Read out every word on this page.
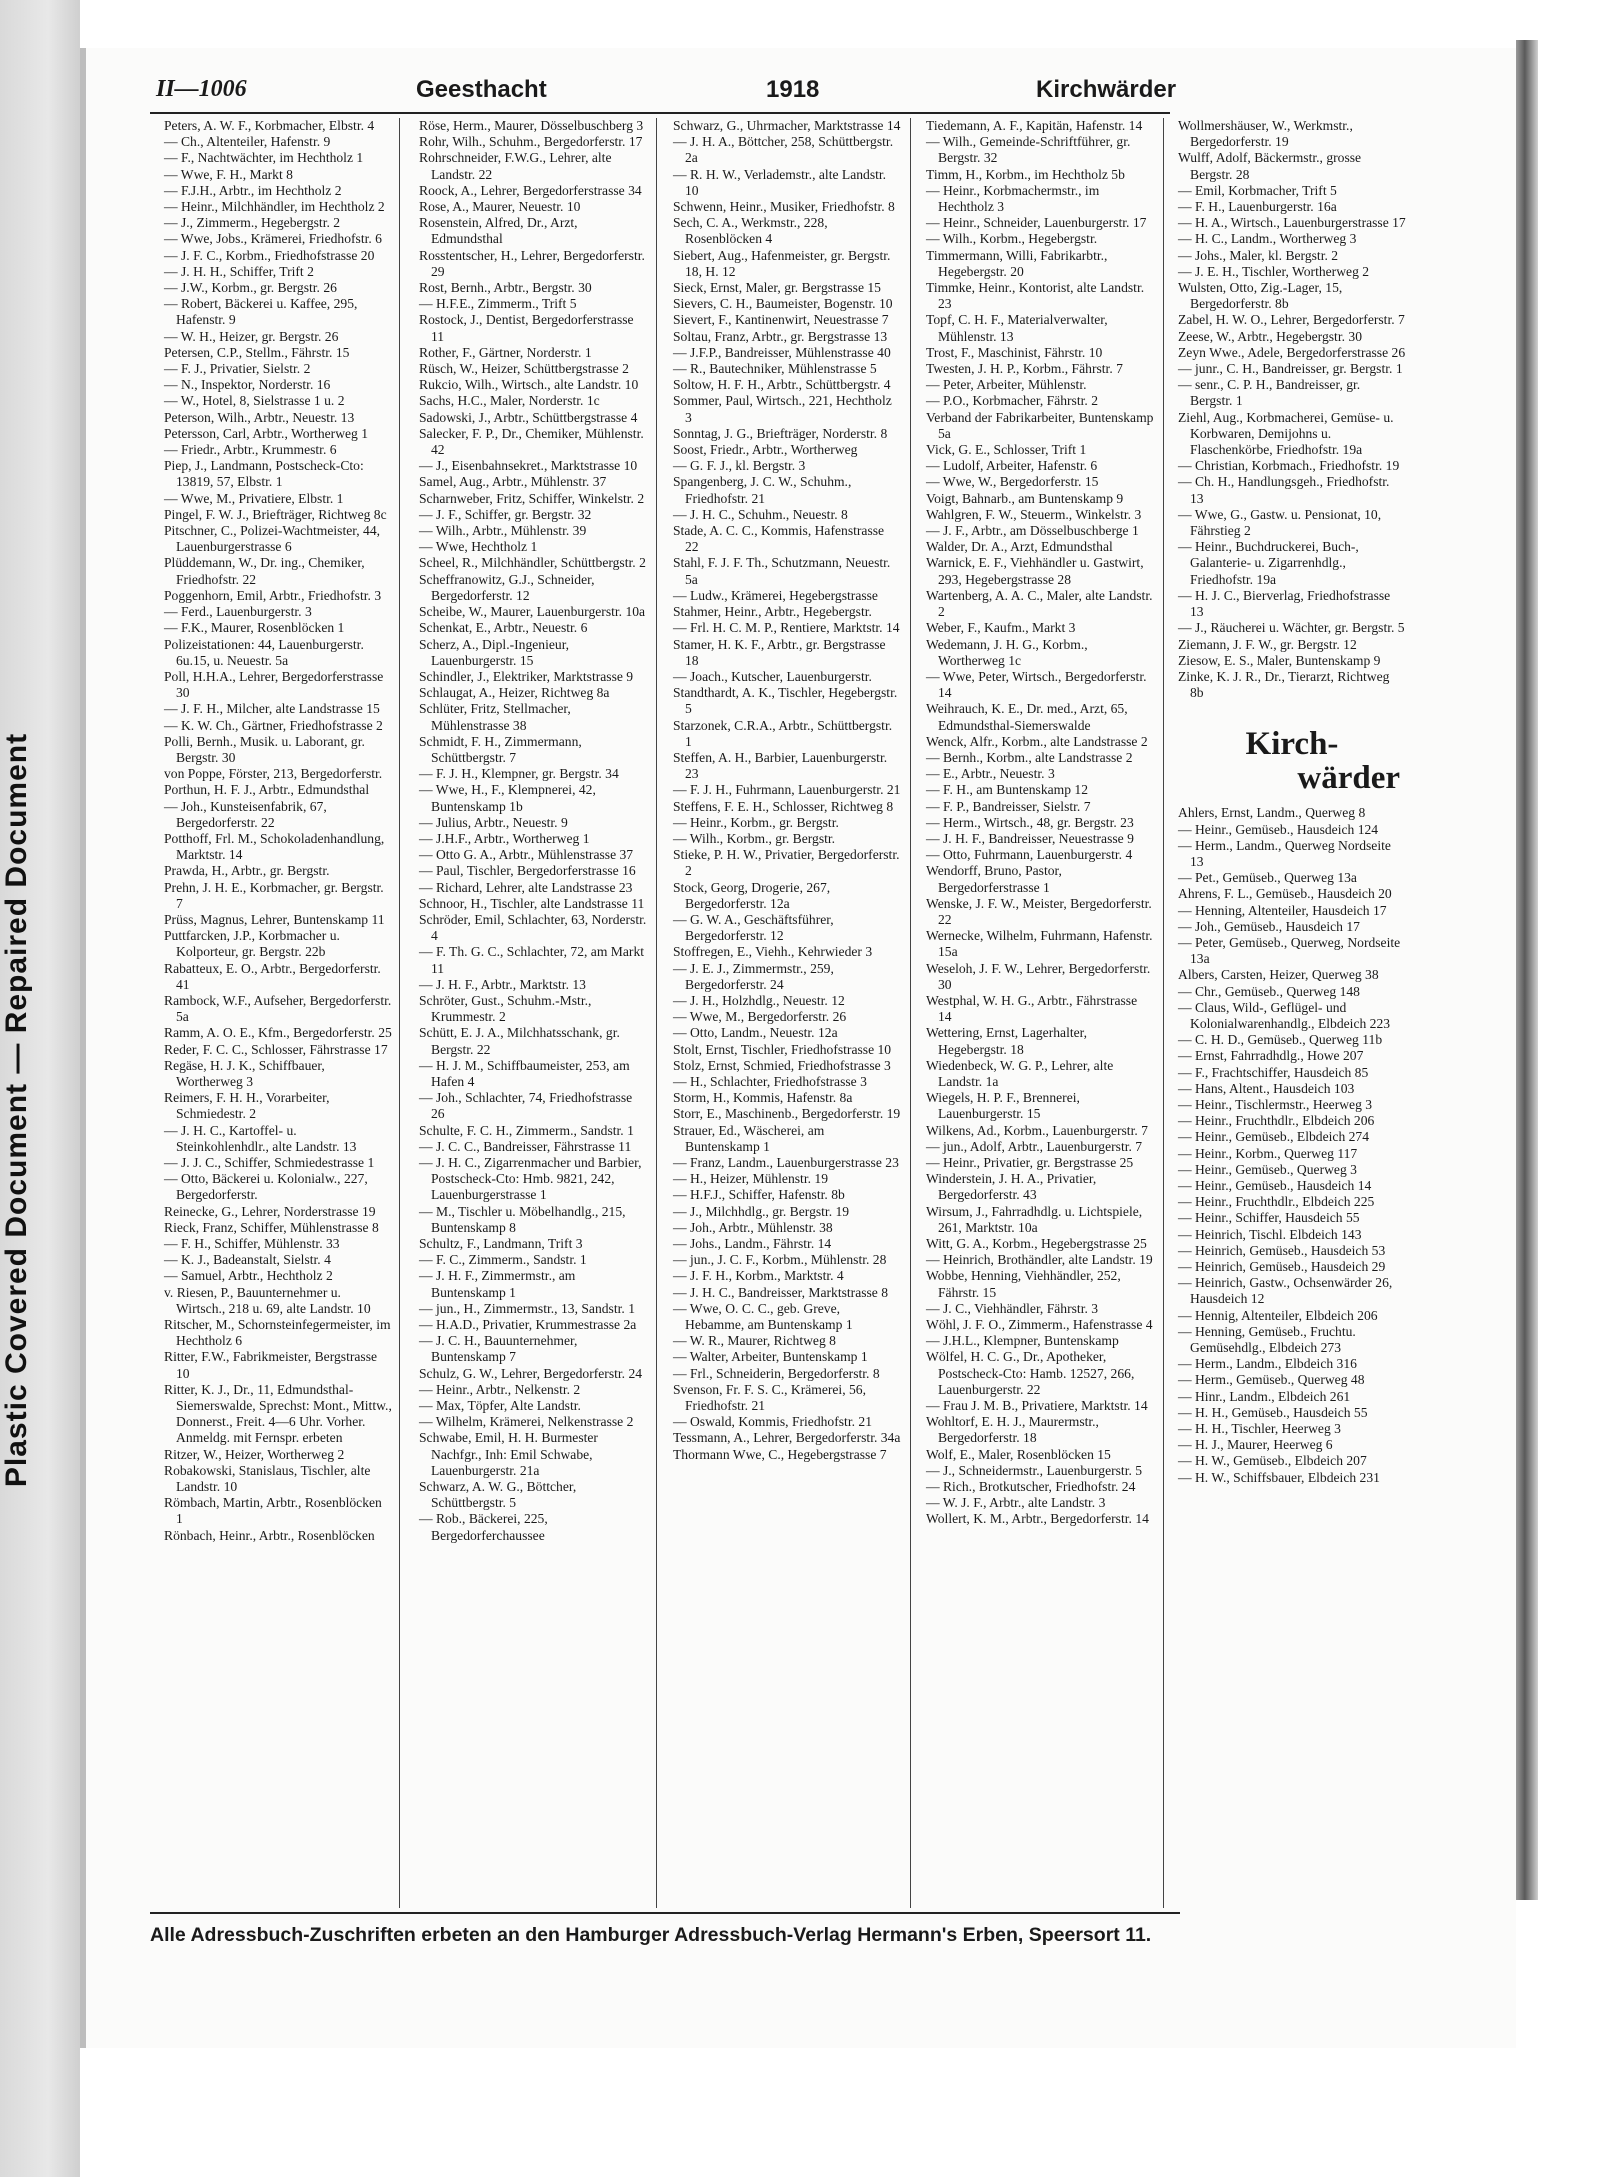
Plastic Covered Document — Repaired Document
II—1006	Geesthacht	1918	Kirchwärder

Peters, A. W. F., Korbmacher, Elbstr. 4

— Ch., Altenteiler, Hafenstr. 9

— F., Nachtwächter, im Hechtholz 1

— Wwe, F. H., Markt 8

— F.J.H., Arbtr., im Hechtholz 2

— Heinr., Milchhändler, im Hechtholz 2

— J., Zimmerm., Hegebergstr. 2

— Wwe, Jobs., Krämerei, Friedhofstr. 6

— J. F. C., Korbm., Friedhofstrasse 20

— J. H. H., Schiffer, Trift 2

— J.W., Korbm., gr. Bergstr. 26

— Robert, Bäckerei u. Kaffee, 295, Hafenstr. 9

— W. H., Heizer, gr. Bergstr. 26

Petersen, C.P., Stellm., Fährstr. 15

— F. J., Privatier, Sielstr. 2

— N., Inspektor, Norderstr. 16

— W., Hotel, 8, Sielstrasse 1 u. 2

Peterson, Wilh., Arbtr., Neuestr. 13

Petersson, Carl, Arbtr., Wortherweg 1

— Friedr., Arbtr., Krummestr. 6

Piep, J., Landmann, Postscheck-Cto: 13819, 57, Elbstr. 1

— Wwe, M., Privatiere, Elbstr. 1

Pingel, F. W. J., Briefträger, Richtweg 8c

Pitschner, C., Polizei-Wachtmeister, 44, Lauenburgerstrasse 6

Plüddemann, W., Dr. ing., Chemiker, Friedhofstr. 22

Poggenhorn, Emil, Arbtr., Friedhofstr. 3

— Ferd., Lauenburgerstr. 3

— F.K., Maurer, Rosenblöcken 1

Polizeistationen: 44, Lauenburgerstr. 6u.15, u. Neuestr. 5a

Poll, H.H.A., Lehrer, Bergedorferstrasse 30

— J. F. H., Milcher, alte Landstrasse 15

— K. W. Ch., Gärtner, Friedhofstrasse 2

Polli, Bernh., Musik. u. Laborant, gr. Bergstr. 30

von Poppe, Förster, 213, Bergedorferstr.

Porthun, H. F. J., Arbtr., Edmundsthal

— Joh., Kunsteisenfabrik, 67, Bergedorferstr. 22

Potthoff, Frl. M., Schokoladenhandlung, Marktstr. 14

Prawda, H., Arbtr., gr. Bergstr.

Prehn, J. H. E., Korbmacher, gr. Bergstr. 7

Prüss, Magnus, Lehrer, Buntenskamp 11

Puttfarcken, J.P., Korbmacher u. Kolporteur, gr. Bergstr. 22b

Rabatteux, E. O., Arbtr., Bergedorferstr. 41

Rambock, W.F., Aufseher, Bergedorferstr. 5a

Ramm, A. O. E., Kfm., Bergedorferstr. 25

Reder, F. C. C., Schlosser, Fährstrasse 17

Regäse, H. J. K., Schiffbauer, Wortherweg 3

Reimers, F. H. H., Vorarbeiter, Schmiedestr. 2

— J. H. C., Kartoffel- u. Steinkohlenhdlr., alte Landstr. 13

— J. J. C., Schiffer, Schmiedestrasse 1

— Otto, Bäckerei u. Kolonialw., 227, Bergedorferstr.

Reinecke, G., Lehrer, Norderstrasse 19

Rieck, Franz, Schiffer, Mühlenstrasse 8

— F. H., Schiffer, Mühlenstr. 33

— K. J., Badeanstalt, Sielstr. 4

— Samuel, Arbtr., Hechtholz 2

v. Riesen, P., Bauunternehmer u. Wirtsch., 218 u. 69, alte Landstr. 10

Ritscher, M., Schornsteinfegermeister, im Hechtholz 6

Ritter, F.W., Fabrikmeister, Bergstrasse 10

Ritter, K. J., Dr., 11, Edmundsthal-Siemerswalde, Sprechst: Mont., Mittw., Donnerst., Freit. 4—6 Uhr. Vorher. Anmeldg. mit Fernspr. erbeten

Ritzer, W., Heizer, Wortherweg 2

Robakowski, Stanislaus, Tischler, alte Landstr. 10

Römbach, Martin, Arbtr., Rosenblöcken 1

Rönbach, Heinr., Arbtr., Rosenblöcken

Röse, Herm., Maurer, Dösselbuschberg 3

Rohr, Wilh., Schuhm., Bergedorferstr. 17

Rohrschneider, F.W.G., Lehrer, alte Landstr. 22

Roock, A., Lehrer, Bergedorferstrasse 34

Rose, A., Maurer, Neuestr. 10

Rosenstein, Alfred, Dr., Arzt, Edmundsthal

Rosstentscher, H., Lehrer, Bergedorferstr. 29

Rost, Bernh., Arbtr., Bergstr. 30

— H.F.E., Zimmerm., Trift 5

Rostock, J., Dentist, Bergedorferstrasse 11

Rother, F., Gärtner, Norderstr. 1

Rüsch, W., Heizer, Schüttbergstrasse 2

Rukcio, Wilh., Wirtsch., alte Landstr. 10

Sachs, H.C., Maler, Norderstr. 1c

Sadowski, J., Arbtr., Schüttbergstrasse 4

Salecker, F. P., Dr., Chemiker, Mühlenstr. 42

— J., Eisenbahnsekret., Marktstrasse 10

Samel, Aug., Arbtr., Mühlenstr. 37

Scharnweber, Fritz, Schiffer, Winkelstr. 2

— J. F., Schiffer, gr. Bergstr. 32

— Wilh., Arbtr., Mühlenstr. 39

— Wwe, Hechtholz 1

Scheel, R., Milchhändler, Schüttbergstr. 2

Scheffranowitz, G.J., Schneider, Bergedorferstr. 12

Scheibe, W., Maurer, Lauenburgerstr. 10a

Schenkat, E., Arbtr., Neuestr. 6

Scherz, A., Dipl.-Ingenieur, Lauenburgerstr. 15

Schindler, J., Elektriker, Marktstrasse 9

Schlaugat, A., Heizer, Richtweg 8a

Schlüter, Fritz, Stellmacher, Mühlenstrasse 38

Schmidt, F. H., Zimmermann, Schüttbergstr. 7

— F. J. H., Klempner, gr. Bergstr. 34

— Wwe, H., F., Klempnerei, 42, Buntenskamp 1b

— Julius, Arbtr., Neuestr. 9

— J.H.F., Arbtr., Wortherweg 1

— Otto G. A., Arbtr., Mühlenstrasse 37

— Paul, Tischler, Bergedorferstrasse 16

— Richard, Lehrer, alte Landstrasse 23

Schnoor, H., Tischler, alte Landstrasse 11

Schröder, Emil, Schlachter, 63, Norderstr. 4

— F. Th. G. C., Schlachter, 72, am Markt 11

— J. H. F., Arbtr., Marktstr. 13

Schröter, Gust., Schuhm.-Mstr., Krummestr. 2

Schütt, E. J. A., Milchhatsschank, gr. Bergstr. 22

— H. J. M., Schiffbaumeister, 253, am Hafen 4

— Joh., Schlachter, 74, Friedhofstrasse 26

Schulte, F. C. H., Zimmerm., Sandstr. 1

— J. C. C., Bandreisser, Fährstrasse 11

— J. H. C., Zigarrenmacher und Barbier, Postscheck-Cto: Hmb. 9821, 242, Lauenburgerstrasse 1

— M., Tischler u. Möbelhandlg., 215, Buntenskamp 8

Schultz, F., Landmann, Trift 3

— F. C., Zimmerm., Sandstr. 1

— J. H. F., Zimmermstr., am Buntenskamp 1

— jun., H., Zimmermstr., 13, Sandstr. 1

— H.A.D., Privatier, Krummestrasse 2a

— J. C. H., Bauunternehmer, Buntenskamp 7

Schulz, G. W., Lehrer, Bergedorferstr. 24

— Heinr., Arbtr., Nelkenstr. 2

— Max, Töpfer, Alte Landstr.

— Wilhelm, Krämerei, Nelkenstrasse 2

Schwabe, Emil, H. H. Burmester Nachfgr., Inh: Emil Schwabe, Lauenburgerstr. 21a

Schwarz, A. W. G., Böttcher, Schüttbergstr. 5

— Rob., Bäckerei, 225, Bergedorferchaussee

Schwarz, G., Uhrmacher, Marktstrasse 14

— J. H. A., Böttcher, 258, Schüttbergstr. 2a

— R. H. W., Verlademstr., alte Landstr. 10

Schwenn, Heinr., Musiker, Friedhofstr. 8

Sech, C. A., Werkmstr., 228, Rosenblöcken 4

Siebert, Aug., Hafenmeister, gr. Bergstr. 18, H. 12

Sieck, Ernst, Maler, gr. Bergstrasse 15

Sievers, C. H., Baumeister, Bogenstr. 10

Sievert, F., Kantinenwirt, Neuestrasse 7

Soltau, Franz, Arbtr., gr. Bergstrasse 13

— J.F.P., Bandreisser, Mühlenstrasse 40

— R., Bautechniker, Mühlenstrasse 5

Soltow, H. F. H., Arbtr., Schüttbergstr. 4

Sommer, Paul, Wirtsch., 221, Hechtholz 3

Sonntag, J. G., Briefträger, Norderstr. 8

Soost, Friedr., Arbtr., Wortherweg

— G. F. J., kl. Bergstr. 3

Spangenberg, J. C. W., Schuhm., Friedhofstr. 21

— J. H. C., Schuhm., Neuestr. 8

Stade, A. C. C., Kommis, Hafenstrasse 22

Stahl, F. J. F. Th., Schutzmann, Neuestr. 5a

— Ludw., Krämerei, Hegebergstrasse

Stahmer, Heinr., Arbtr., Hegebergstr.

— Frl. H. C. M. P., Rentiere, Marktstr. 14

Stamer, H. K. F., Arbtr., gr. Bergstrasse 18

— Joach., Kutscher, Lauenburgerstr.

Standthardt, A. K., Tischler, Hegebergstr. 5

Starzonek, C.R.A., Arbtr., Schüttbergstr. 1

Steffen, A. H., Barbier, Lauenburgerstr. 23

— F. J. H., Fuhrmann, Lauenburgerstr. 21

Steffens, F. E. H., Schlosser, Richtweg 8

— Heinr., Korbm., gr. Bergstr.

— Wilh., Korbm., gr. Bergstr.

Stieke, P. H. W., Privatier, Bergedorferstr. 2

Stock, Georg, Drogerie, 267, Bergedorferstr. 12a

— G. W. A., Geschäftsführer, Bergedorferstr. 12

Stoffregen, E., Viehh., Kehrwieder 3

— J. E. J., Zimmermstr., 259, Bergedorferstr. 24

— J. H., Holzhdlg., Neuestr. 12

— Wwe, M., Bergedorferstr. 26

— Otto, Landm., Neuestr. 12a

Stolt, Ernst, Tischler, Friedhofstrasse 10

Stolz, Ernst, Schmied, Friedhofstrasse 3

— H., Schlachter, Friedhofstrasse 3

Storm, H., Kommis, Hafenstr. 8a

Storr, E., Maschinenb., Bergedorferstr. 19

Strauer, Ed., Wäscherei, am Buntenskamp 1

— Franz, Landm., Lauenburgerstrasse 23

— H., Heizer, Mühlenstr. 19

— H.F.J., Schiffer, Hafenstr. 8b

— J., Milchhdlg., gr. Bergstr. 19

— Joh., Arbtr., Mühlenstr. 38

— Johs., Landm., Fährstr. 14

— jun., J. C. F., Korbm., Mühlenstr. 28

— J. F. H., Korbm., Marktstr. 4

— J. H. C., Bandreisser, Marktstrasse 8

— Wwe, O. C. C., geb. Greve, Hebamme, am Buntenskamp 1

— W. R., Maurer, Richtweg 8

— Walter, Arbeiter, Buntenskamp 1

— Frl., Schneiderin, Bergedorferstr. 8

Svenson, Fr. F. S. C., Krämerei, 56, Friedhofstr. 21

— Oswald, Kommis, Friedhofstr. 21

Tessmann, A., Lehrer, Bergedorferstr. 34a

Thormann Wwe, C., Hegebergstrasse 7

Tiedemann, A. F., Kapitän, Hafenstr. 14

— Wilh., Gemeinde-Schriftführer, gr. Bergstr. 32

Timm, H., Korbm., im Hechtholz 5b

— Heinr., Korbmachermstr., im Hechtholz 3

— Heinr., Schneider, Lauenburgerstr. 17

— Wilh., Korbm., Hegebergstr.

Timmermann, Willi, Fabrikarbtr., Hegebergstr. 20

Timmke, Heinr., Kontorist, alte Landstr. 23

Topf, C. H. F., Materialverwalter, Mühlenstr. 13

Trost, F., Maschinist, Fährstr. 10

Twesten, J. H. P., Korbm., Fährstr. 7

— Peter, Arbeiter, Mühlenstr.

— P.O., Korbmacher, Fährstr. 2

Verband der Fabrikarbeiter, Buntenskamp 5a

Vick, G. E., Schlosser, Trift 1

— Ludolf, Arbeiter, Hafenstr. 6

— Wwe, W., Bergedorferstr. 15

Voigt, Bahnarb., am Buntenskamp 9

Wahlgren, F. W., Steuerm., Winkelstr. 3

— J. F., Arbtr., am Dösselbuschberge 1

Walder, Dr. A., Arzt, Edmundsthal

Warnick, E. F., Viehhändler u. Gastwirt, 293, Hegebergstrasse 28

Wartenberg, A. A. C., Maler, alte Landstr. 2

Weber, F., Kaufm., Markt 3

Wedemann, J. H. G., Korbm., Wortherweg 1c

— Wwe, Peter, Wirtsch., Bergedorferstr. 14

Weihrauch, K. E., Dr. med., Arzt, 65, Edmundsthal-Siemerswalde

Wenck, Alfr., Korbm., alte Landstrasse 2

— Bernh., Korbm., alte Landstrasse 2

— E., Arbtr., Neuestr. 3

— F. H., am Buntenskamp 12

— F. P., Bandreisser, Sielstr. 7

— Herm., Wirtsch., 48, gr. Bergstr. 23

— J. H. F., Bandreisser, Neuestrasse 9

— Otto, Fuhrmann, Lauenburgerstr. 4

Wendorff, Bruno, Pastor, Bergedorferstrasse 1

Wenske, J. F. W., Meister, Bergedorferstr. 22

Wernecke, Wilhelm, Fuhrmann, Hafenstr. 15a

Weseloh, J. F. W., Lehrer, Bergedorferstr. 30

Westphal, W. H. G., Arbtr., Fährstrasse 14

Wettering, Ernst, Lagerhalter, Hegebergstr. 18

Wiedenbeck, W. G. P., Lehrer, alte Landstr. 1a

Wiegels, H. P. F., Brennerei, Lauenburgerstr. 15

Wilkens, Ad., Korbm., Lauenburgerstr. 7

— jun., Adolf, Arbtr., Lauenburgerstr. 7

— Heinr., Privatier, gr. Bergstrasse 25

Winderstein, J. H. A., Privatier, Bergedorferstr. 43

Wirsum, J., Fahrradhdlg. u. Lichtspiele, 261, Marktstr. 10a

Witt, G. A., Korbm., Hegebergstrasse 25

— Heinrich, Brothändler, alte Landstr. 19

Wobbe, Henning, Viehhändler, 252, Fährstr. 15

— J. C., Viehhändler, Fährstr. 3

Wöhl, J. F. O., Zimmerm., Hafenstrasse 4

— J.H.L., Klempner, Buntenskamp

Wölfel, H. C. G., Dr., Apotheker, Postscheck-Cto: Hamb. 12527, 266, Lauenburgerstr. 22

— Frau J. M. B., Privatiere, Marktstr. 14

Wohltorf, E. H. J., Maurermstr., Bergedorferstr. 18

Wolf, E., Maler, Rosenblöcken 15

— J., Schneidermstr., Lauenburgerstr. 5

— Rich., Brotkutscher, Friedhofstr. 24

— W. J. F., Arbtr., alte Landstr. 3

Wollert, K. M., Arbtr., Bergedorferstr. 14

Wollmershäuser, W., Werkmstr., Bergedorferstr. 19

Wulff, Adolf, Bäckermstr., grosse Bergstr. 28

— Emil, Korbmacher, Trift 5

— F. H., Lauenburgerstr. 16a

— H. A., Wirtsch., Lauenburgerstrasse 17

— H. C., Landm., Wortherweg 3

— Johs., Maler, kl. Bergstr. 2

— J. E. H., Tischler, Wortherweg 2

Wulsten, Otto, Zig.-Lager, 15, Bergedorferstr. 8b

Zabel, H. W. O., Lehrer, Bergedorferstr. 7

Zeese, W., Arbtr., Hegebergstr. 30

Zeyn Wwe., Adele, Bergedorferstrasse 26

— junr., C. H., Bandreisser, gr. Bergstr. 1

— senr., C. P. H., Bandreisser, gr. Bergstr. 1

Ziehl, Aug., Korbmacherei, Gemüse- u. Korbwaren, Demijohns u. Flaschenkörbe, Friedhofstr. 19a

— Christian, Korbmach., Friedhofstr. 19

— Ch. H., Handlungsgeh., Friedhofstr. 13

— Wwe, G., Gastw. u. Pensionat, 10, Fährstieg 2

— Heinr., Buchdruckerei, Buch-, Galanterie- u. Zigarrenhdlg., Friedhofstr. 19a

— H. J. C., Bierverlag, Friedhofstrasse 13

— J., Räucherei u. Wächter, gr. Bergstr. 5

Ziemann, J. F. W., gr. Bergstr. 12

Ziesow, E. S., Maler, Buntenskamp 9

Zinke, K. J. R., Dr., Tierarzt, Richtweg 8b

Kirch-
wärder

Ahlers, Ernst, Landm., Querweg 8

— Heinr., Gemüseb., Hausdeich 124

— Herm., Landm., Querweg Nordseite 13

— Pet., Gemüseb., Querweg 13a

Ahrens, F. L., Gemüseb., Hausdeich 20

— Henning, Altenteiler, Hausdeich 17

— Joh., Gemüseb., Hausdeich 17

— Peter, Gemüseb., Querweg, Nordseite 13a

Albers, Carsten, Heizer, Querweg 38

— Chr., Gemüseb., Querweg 148

— Claus, Wild-, Geflügel- und Kolonialwarenhandlg., Elbdeich 223

— C. H. D., Gemüseb., Querweg 11b

— Ernst, Fahrradhdlg., Howe 207

— F., Frachtschiffer, Hausdeich 85

— Hans, Altent., Hausdeich 103

— Heinr., Tischlermstr., Heerweg 3

— Heinr., Fruchthdlr., Elbdeich 206

— Heinr., Gemüseb., Elbdeich 274

— Heinr., Korbm., Querweg 117

— Heinr., Gemüseb., Querweg 3

— Heinr., Gemüseb., Hausdeich 14

— Heinr., Fruchthdlr., Elbdeich 225

— Heinr., Schiffer, Hausdeich 55

— Heinrich, Tischl. Elbdeich 143

— Heinrich, Gemüseb., Hausdeich 53

— Heinrich, Gemüseb., Hausdeich 29

— Heinrich, Gastw., Ochsenwärder 26, Hausdeich 12

— Hennig, Altenteiler, Elbdeich 206

— Henning, Gemüseb., Fruchtu. Gemüsehdlg., Elbdeich 273

— Herm., Landm., Elbdeich 316

— Herm., Gemüseb., Querweg 48

— Hinr., Landm., Elbdeich 261

— H. H., Gemüseb., Hausdeich 55

— H. H., Tischler, Heerweg 3

— H. J., Maurer, Heerweg 6

— H. W., Gemüseb., Elbdeich 207

— H. W., Schiffsbauer, Elbdeich 231

Alle Adressbuch-Zuschriften erbeten an den Hamburger Adressbuch-Verlag Hermann's Erben, Speersort 11.
